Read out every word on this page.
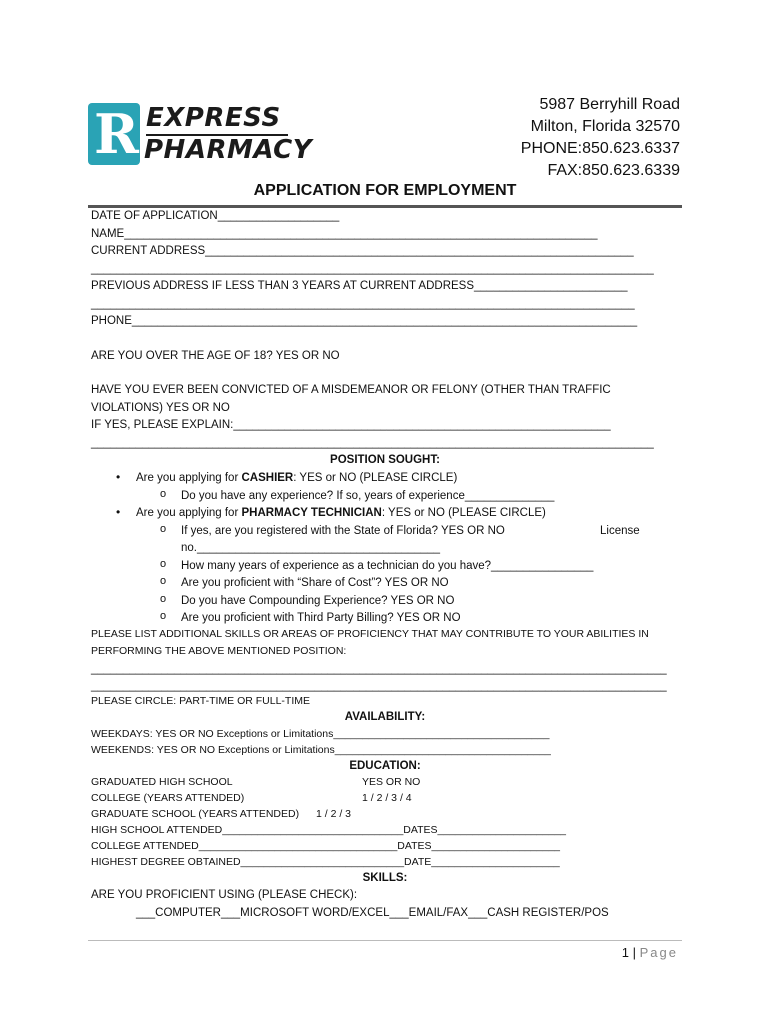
R EXPRESS
PHARMACY
5987 Berryhill Road
Milton, Florida 32570
PHONE:850.623.6337
FAX:850.623.6339
APPLICATION FOR EMPLOYMENT
DATE OF APPLICATION___________________
NAME__________________________________________________________________________
CURRENT ADDRESS___________________________________________________________________
________________________________________________________________________________________
PREVIOUS ADDRESS IF LESS THAN 3 YEARS AT CURRENT ADDRESS________________________
_____________________________________________________________________________________
PHONE_______________________________________________________________________________
ARE YOU OVER THE AGE OF 18? YES OR NO
HAVE YOU EVER BEEN CONVICTED OF A MISDEMEANOR OR FELONY (OTHER THAN TRAFFIC
VIOLATIONS) YES OR NO
IF YES, PLEASE EXPLAIN:___________________________________________________________
________________________________________________________________________________________
POSITION SOUGHT:
• Are you applying for CASHIER: YES or NO (PLEASE CIRCLE)
o Do you have any experience? If so, years of experience______________
• Are you applying for PHARMACY TECHNICIAN: YES or NO (PLEASE CIRCLE)
o If yes, are you registered with the State of Florida? YES OR NO	License
no.______________________________________
o How many years of experience as a technician do you have?________________
o Are you proficient with “Share of Cost”? YES OR NO
o Do you have Compounding Experience? YES OR NO
o Are you proficient with Third Party Billing? YES OR NO
PLEASE LIST ADDITIONAL SKILLS OR AREAS OF PROFICIENCY THAT MAY CONTRIBUTE TO YOUR ABILITIES IN
PERFORMING THE ABOVE MENTIONED POSITION:
__________________________________________________________________________________________
__________________________________________________________________________________________
PLEASE CIRCLE: PART-TIME OR FULL-TIME
AVAILABILITY:
WEEKDAYS: YES OR NO Exceptions or Limitations_____________________________________
WEEKENDS: YES OR NO Exceptions or Limitations_____________________________________
EDUCATION:
GRADUATED HIGH SCHOOL	YES OR NO
COLLEGE (YEARS ATTENDED)	1 / 2 / 3 / 4
GRADUATE SCHOOL (YEARS ATTENDED) 1 / 2 / 3
HIGH SCHOOL ATTENDED_______________________________DATES______________________
COLLEGE ATTENDED__________________________________DATES______________________
HIGHEST DEGREE OBTAINED____________________________DATE______________________
SKILLS:
ARE YOU PROFICIENT USING (PLEASE CHECK):
___COMPUTER___MICROSOFT WORD/EXCEL___EMAIL/FAX___CASH REGISTER/POS
1 | Page
